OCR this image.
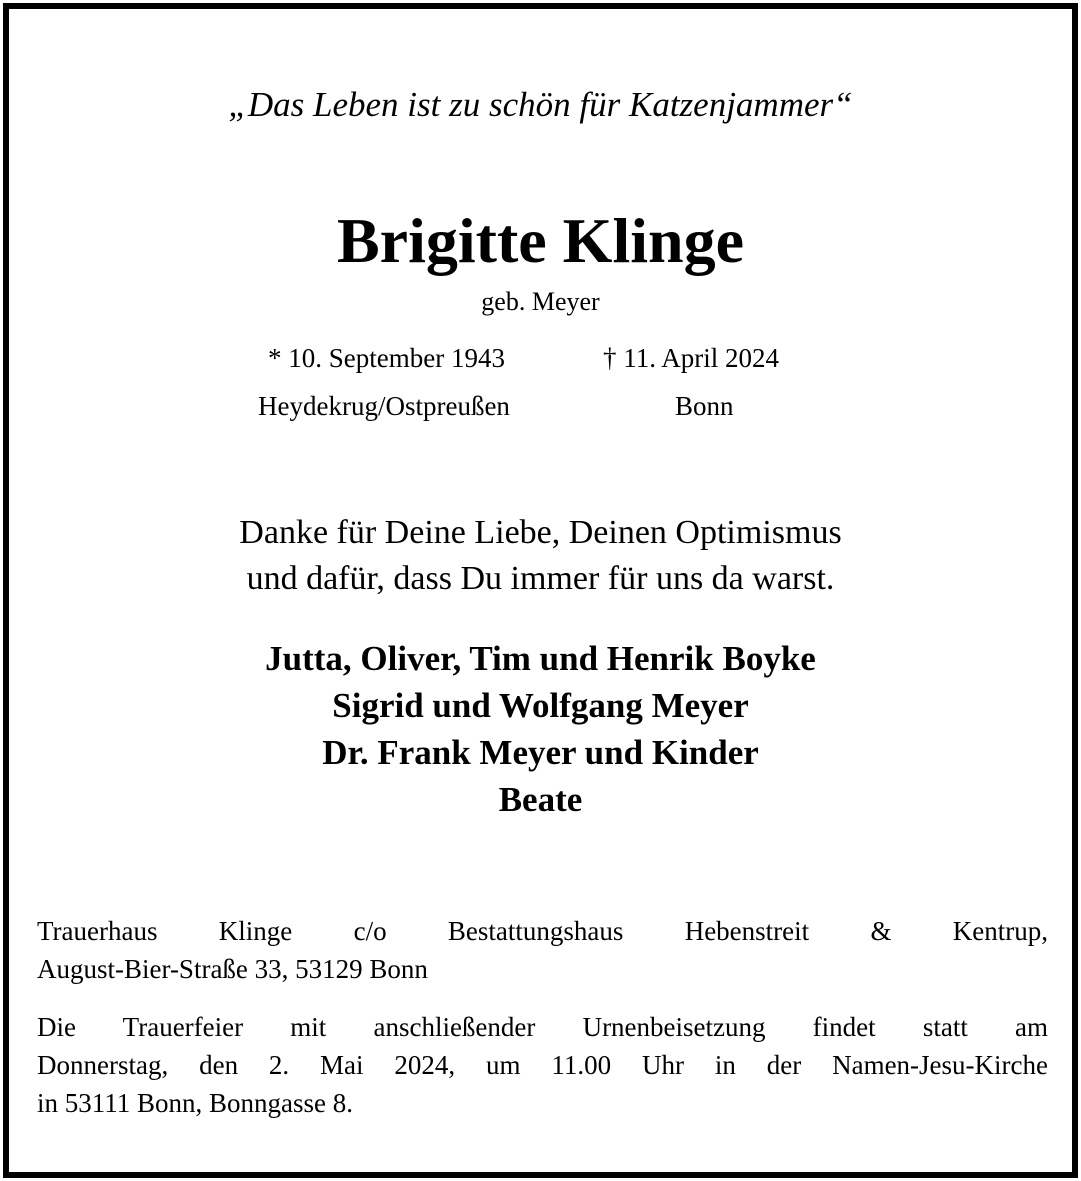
„Das Leben ist zu schön für Katzenjammer“
Brigitte Klinge
geb. Meyer
* 10. September 1943	† 11. April 2024
Heydekrug/Ostpreußen	Bonn
Danke für Deine Liebe, Deinen Optimismus
und dafür, dass Du immer für uns da warst.
Jutta, Oliver, Tim und Henrik Boyke
Sigrid und Wolfgang Meyer
Dr. Frank Meyer und Kinder
Beate
Trauerhaus Klinge c/o Bestattungshaus Hebenstreit & Kentrup,
August-Bier-Straße 33, 53129 Bonn
Die Trauerfeier mit anschließender Urnenbeisetzung findet statt am
Donnerstag, den 2. Mai 2024, um 11.00 Uhr in der Namen-Jesu-Kirche
in 53111 Bonn, Bonngasse 8.
